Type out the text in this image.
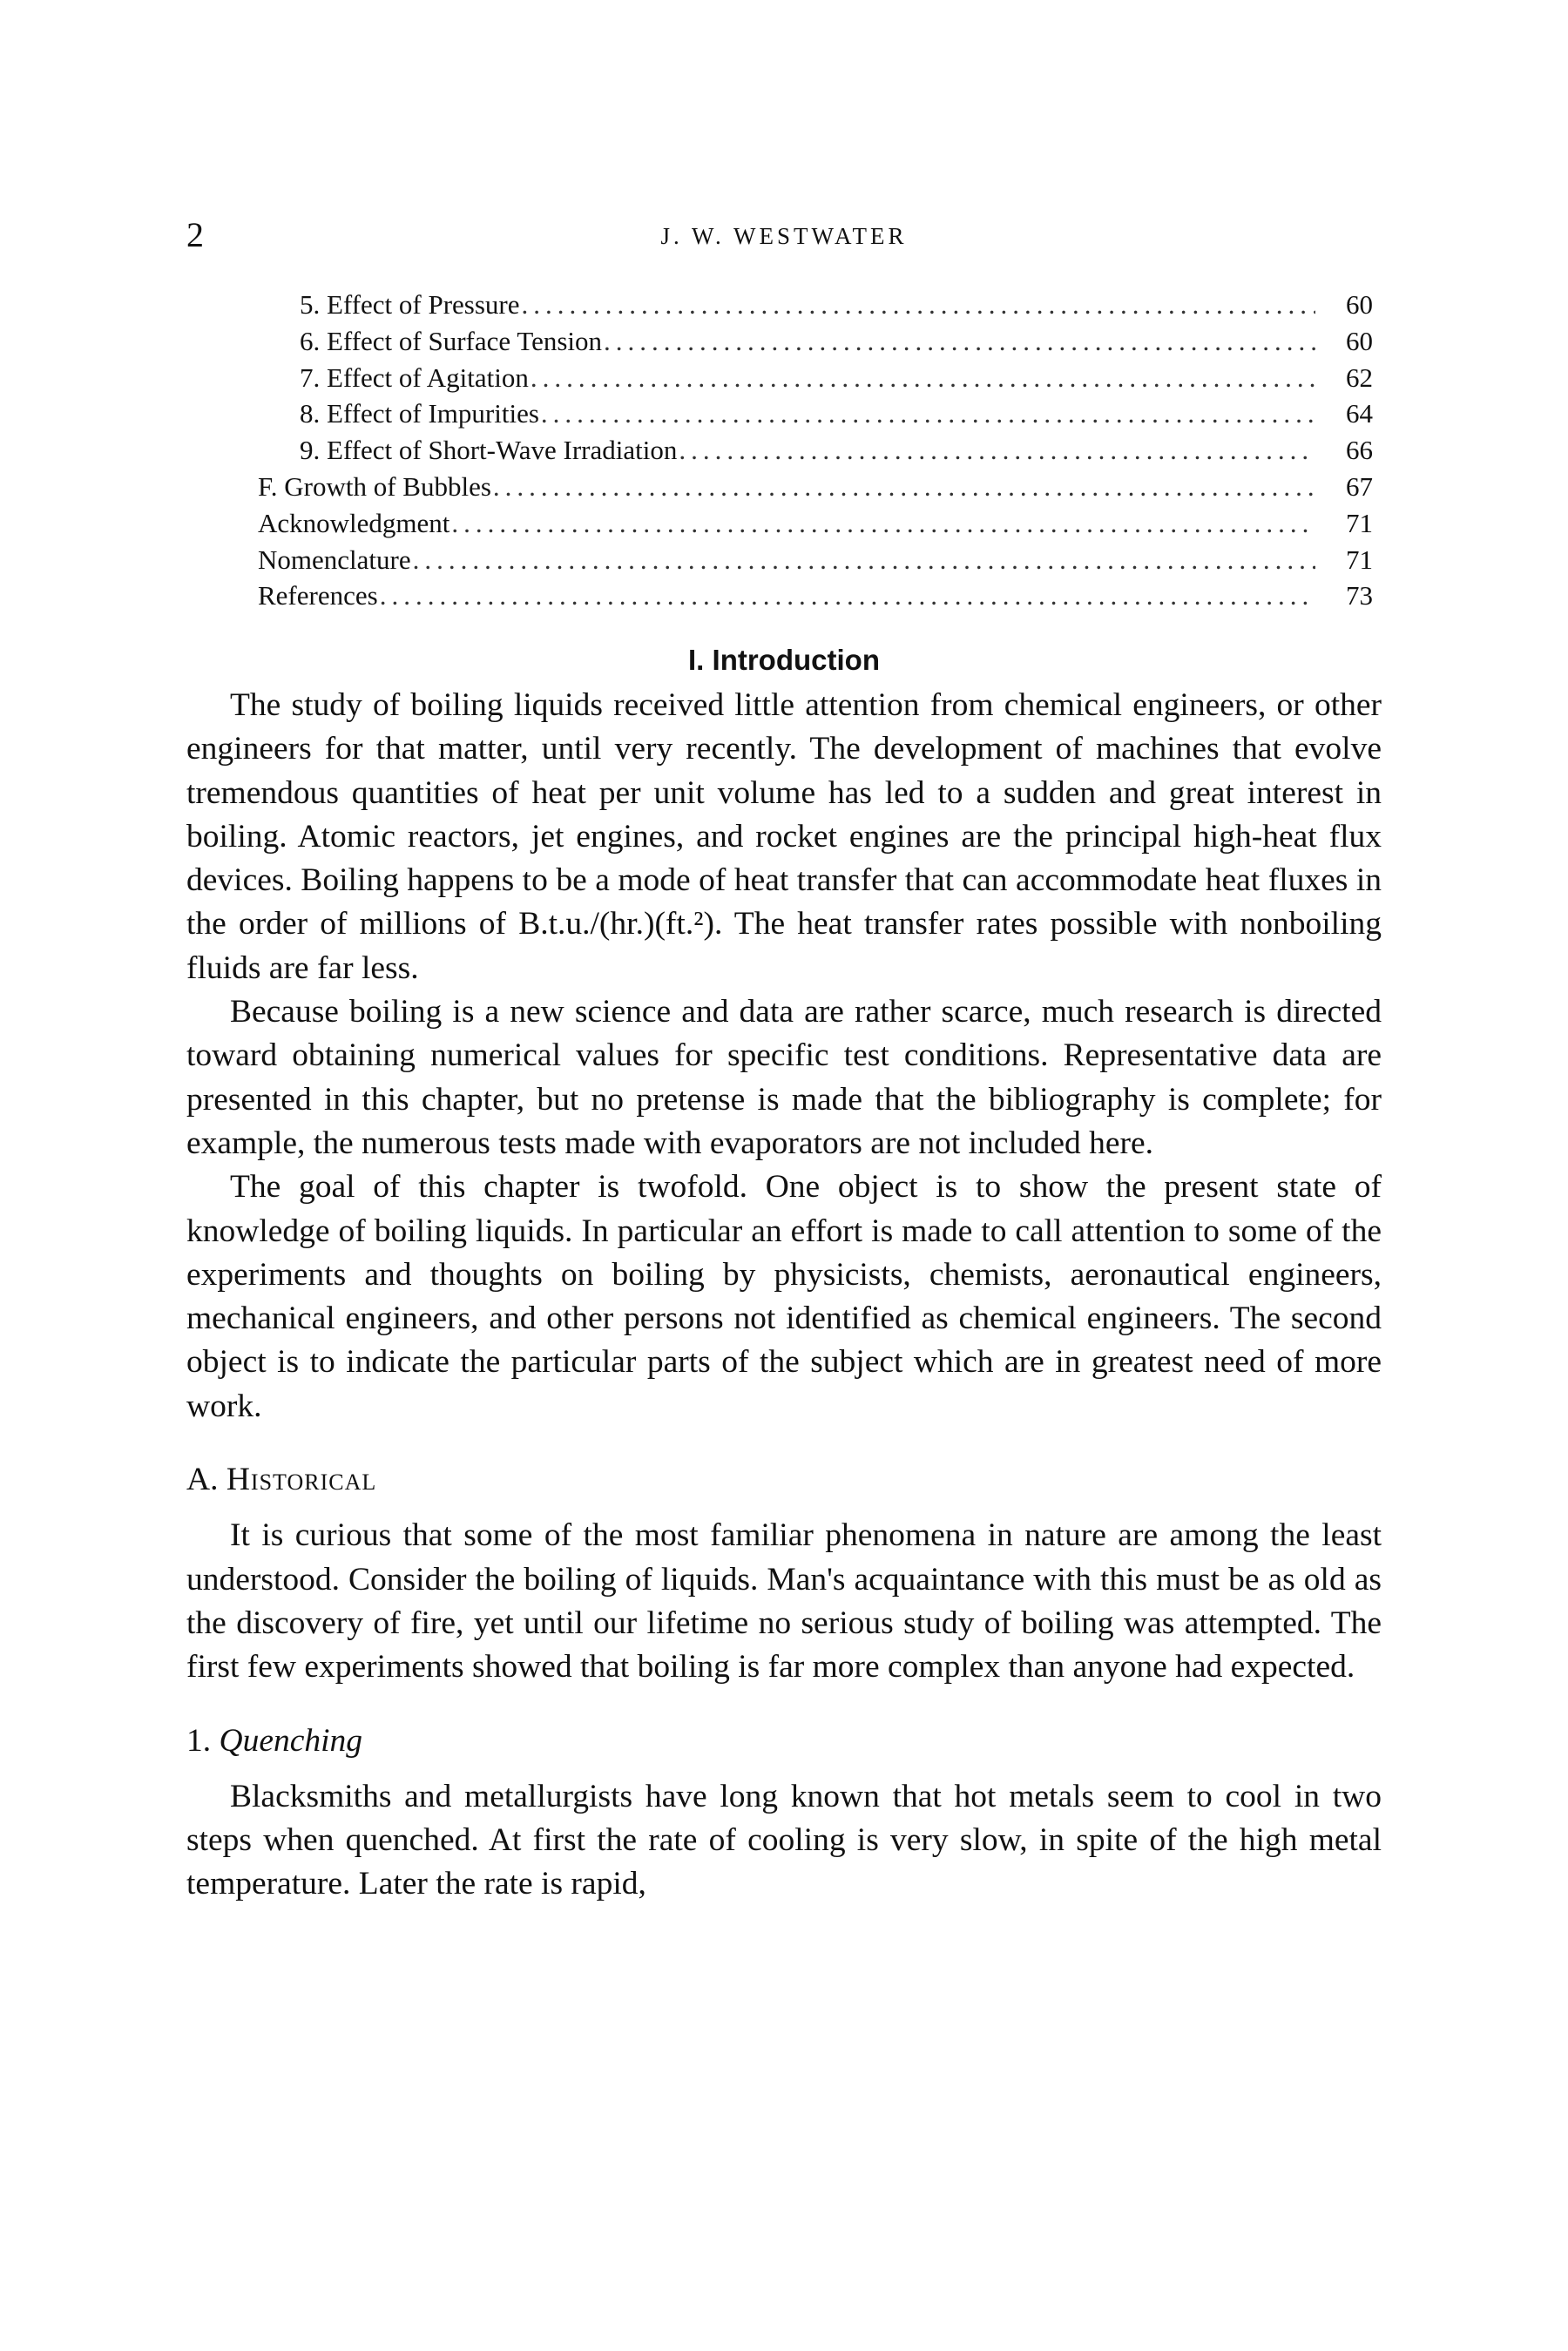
2	J. W. WESTWATER
5. Effect of Pressure .....	60
6. Effect of Surface Tension .....	60
7. Effect of Agitation .....	62
8. Effect of Impurities .....	64
9. Effect of Short-Wave Irradiation .....	66
F. Growth of Bubbles .....	67
Acknowledgment .....	71
Nomenclature .....	71
References .....	73
I. Introduction

The study of boiling liquids received little attention from chemical engineers, or other engineers for that matter, until very recently. The development of machines that evolve tremendous quantities of heat per unit volume has led to a sudden and great interest in boiling. Atomic reactors, jet engines, and rocket engines are the principal high-heat flux devices. Boiling happens to be a mode of heat transfer that can accommodate heat fluxes in the order of millions of B.t.u./(hr.)(ft.²). The heat transfer rates possible with nonboiling fluids are far less.

Because boiling is a new science and data are rather scarce, much research is directed toward obtaining numerical values for specific test conditions. Representative data are presented in this chapter, but no pretense is made that the bibliography is complete; for example, the numerous tests made with evaporators are not included here.

The goal of this chapter is twofold. One object is to show the present state of knowledge of boiling liquids. In particular an effort is made to call attention to some of the experiments and thoughts on boiling by physicists, chemists, aeronautical engineers, mechanical engineers, and other persons not identified as chemical engineers. The second object is to indicate the particular parts of the subject which are in greatest need of more work.

A. Historical

It is curious that some of the most familiar phenomena in nature are among the least understood. Consider the boiling of liquids. Man's acquaintance with this must be as old as the discovery of fire, yet until our lifetime no serious study of boiling was attempted. The first few experiments showed that boiling is far more complex than anyone had expected.

1. Quenching

Blacksmiths and metallurgists have long known that hot metals seem to cool in two steps when quenched. At first the rate of cooling is very slow, in spite of the high metal temperature. Later the rate is rapid,
